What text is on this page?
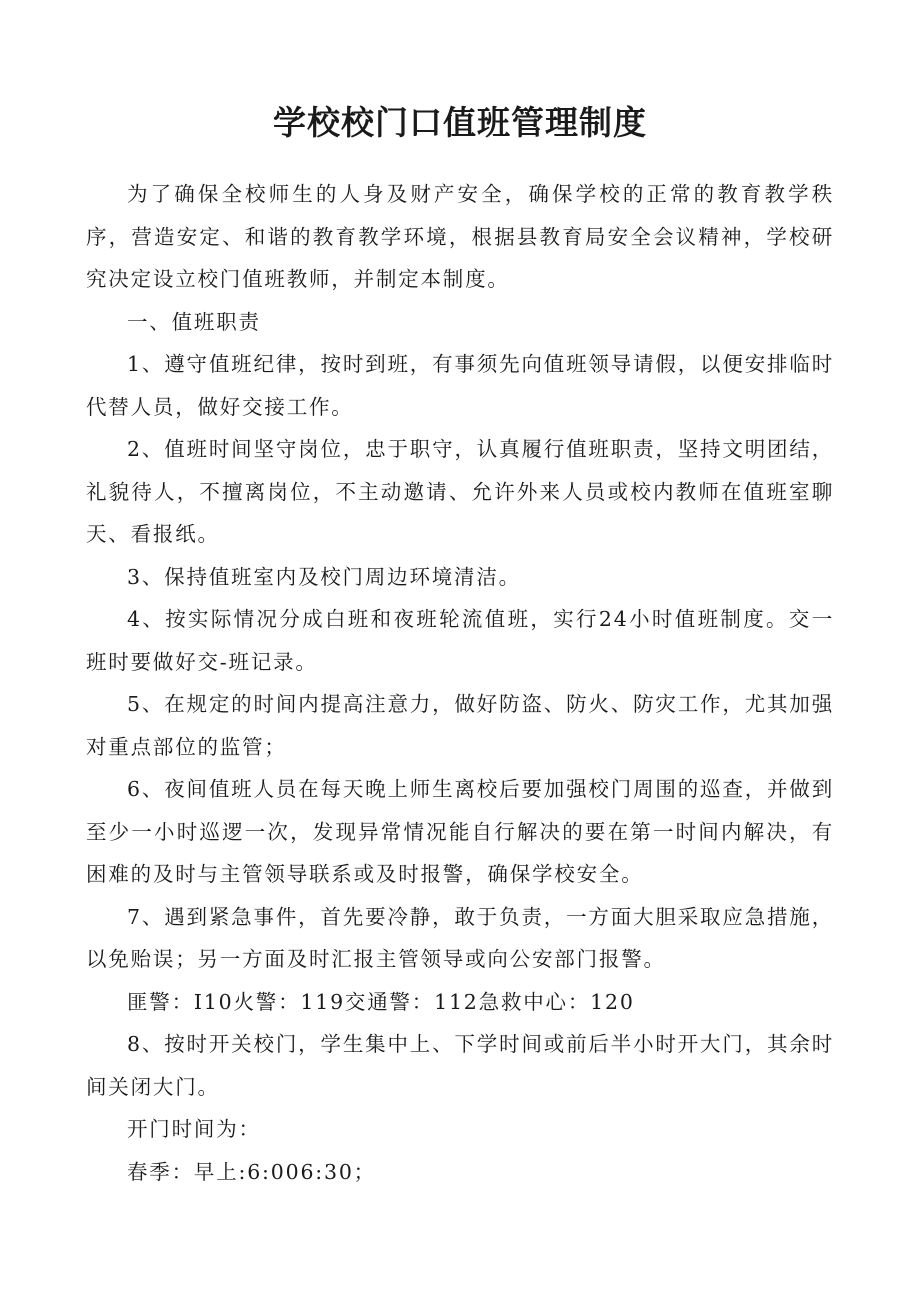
学校校门口值班管理制度

为了确保全校师生的人身及财产安全，确保学校的正常的教育教学秩序，营造安定、和谐的教育教学环境，根据县教育局安全会议精神，学校研究决定设立校门值班教师，并制定本制度。

一、值班职责

1、遵守值班纪律，按时到班，有事须先向值班领导请假，以便安排临时代替人员，做好交接工作。

2、值班时间坚守岗位，忠于职守，认真履行值班职责，坚持文明团结，礼貌待人，不擅离岗位，不主动邀请、允许外来人员或校内教师在值班室聊天、看报纸。

3、保持值班室内及校门周边环境清洁。

4、按实际情况分成白班和夜班轮流值班，实行24小时值班制度。交一班时要做好交-班记录。

5、在规定的时间内提高注意力，做好防盗、防火、防灾工作，尤其加强对重点部位的监管；

6、夜间值班人员在每天晚上师生离校后要加强校门周围的巡查，并做到至少一小时巡逻一次，发现异常情况能自行解决的要在第一时间内解决，有困难的及时与主管领导联系或及时报警，确保学校安全。

7、遇到紧急事件，首先要冷静，敢于负责，一方面大胆采取应急措施，以免贻误；另一方面及时汇报主管领导或向公安部门报警。

匪警：I10火警：119交通警：112急救中心：120

8、按时开关校门，学生集中上、下学时间或前后半小时开大门，其余时间关闭大门。

开门时间为：

春季：早上:6:006:30；
